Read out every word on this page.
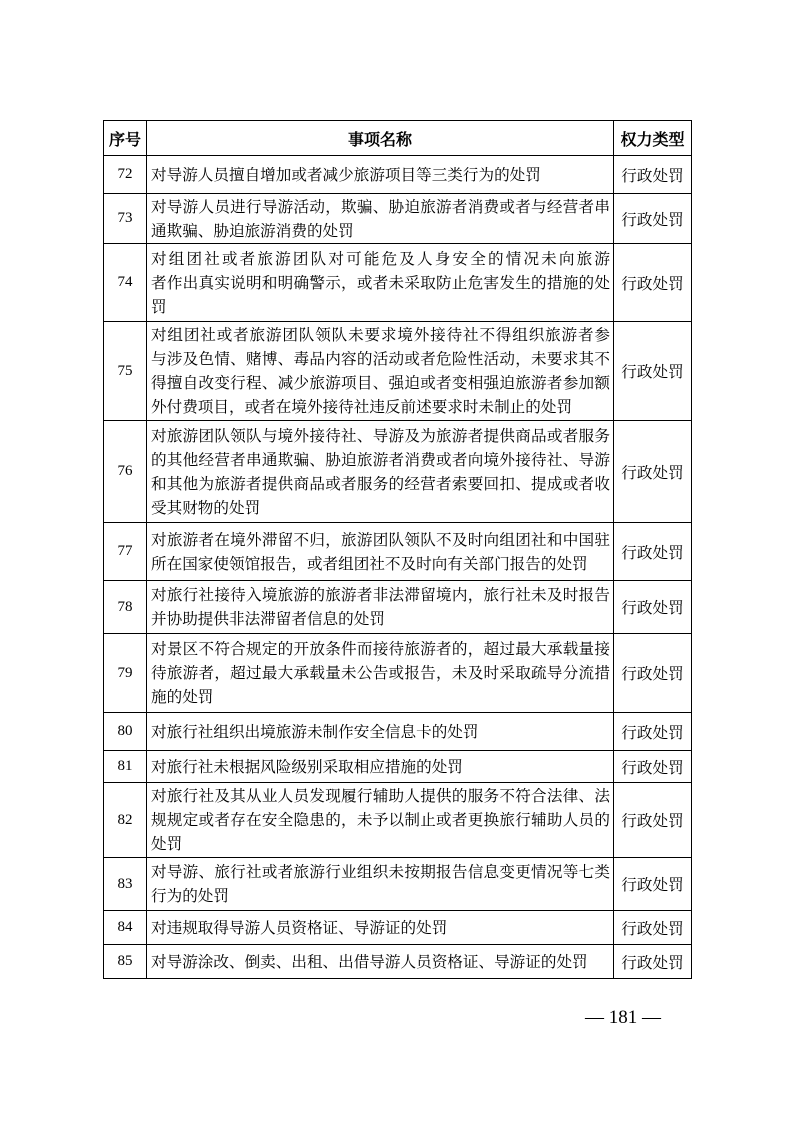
序号	事项名称	权力类型
72	对导游人员擅自增加或者减少旅游项目等三类行为的处罚	行政处罚
73	对导游人员进行导游活动，欺骗、胁迫旅游者消费或者与经营者串
通欺骗、胁迫旅游消费的处罚	行政处罚
74	对组团社或者旅游团队对可能危及人身安全的情况未向旅游
者作出真实说明和明确警示，或者未采取防止危害发生的措施的处
罚	行政处罚
75	对组团社或者旅游团队领队未要求境外接待社不得组织旅游者参
与涉及色情、赌博、毒品内容的活动或者危险性活动，未要求其不
得擅自改变行程、减少旅游项目、强迫或者变相强迫旅游者参加额
外付费项目，或者在境外接待社违反前述要求时未制止的处罚	行政处罚
76	对旅游团队领队与境外接待社、导游及为旅游者提供商品或者服务
的其他经营者串通欺骗、胁迫旅游者消费或者向境外接待社、导游
和其他为旅游者提供商品或者服务的经营者索要回扣、提成或者收
受其财物的处罚	行政处罚
77	对旅游者在境外滞留不归，旅游团队领队不及时向组团社和中国驻
所在国家使领馆报告，或者组团社不及时向有关部门报告的处罚	行政处罚
78	对旅行社接待入境旅游的旅游者非法滞留境内，旅行社未及时报告
并协助提供非法滞留者信息的处罚	行政处罚
79	对景区不符合规定的开放条件而接待旅游者的，超过最大承载量接
待旅游者，超过最大承载量未公告或报告，未及时采取疏导分流措
施的处罚	行政处罚
80	对旅行社组织出境旅游未制作安全信息卡的处罚	行政处罚
81	对旅行社未根据风险级别采取相应措施的处罚	行政处罚
82	对旅行社及其从业人员发现履行辅助人提供的服务不符合法律、法
规规定或者存在安全隐患的，未予以制止或者更换旅行辅助人员的
处罚	行政处罚
83	对导游、旅行社或者旅游行业组织未按期报告信息变更情况等七类
行为的处罚	行政处罚
84	对违规取得导游人员资格证、导游证的处罚	行政处罚
85	对导游涂改、倒卖、出租、出借导游人员资格证、导游证的处罚	行政处罚
— 181 —
